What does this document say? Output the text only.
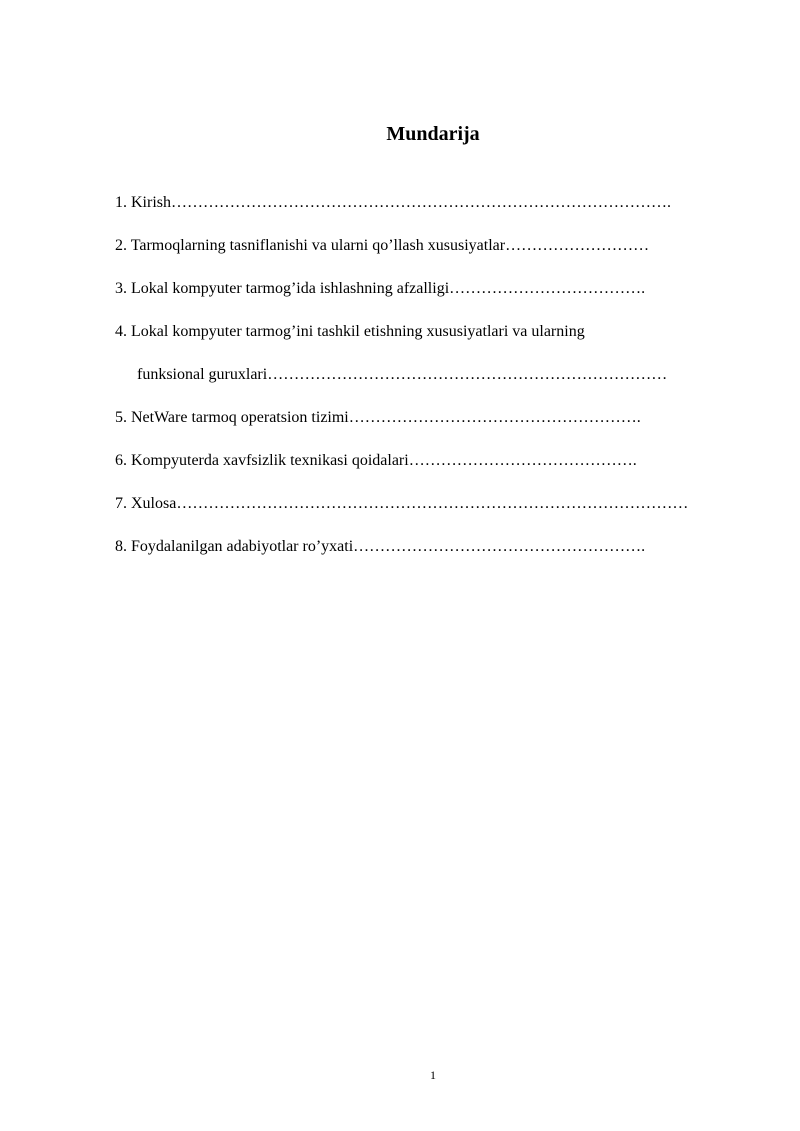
Mundarija
1. Kirish………………………………………………………………………………….
2. Tarmoqlarning tasniflanishi va ularni qo’llash xususiyatlar………………………
3. Lokal kompyuter tarmog’ida ishlashning afzalligi……………………………….
4. Lokal kompyuter tarmog’ini tashkil etishning xususiyatlari va ularning
funksional guruxlari…………………………………………………………………
5. NetWare tarmoq operatsion tizimi……………………………………………….
6. Kompyuterda xavfsizlik texnikasi qoidalari…………………………………….
7. Xulosa……………………………………………………………………………………
8. Foydalanilgan adabiyotlar ro’yxati……………………………………………….
1
